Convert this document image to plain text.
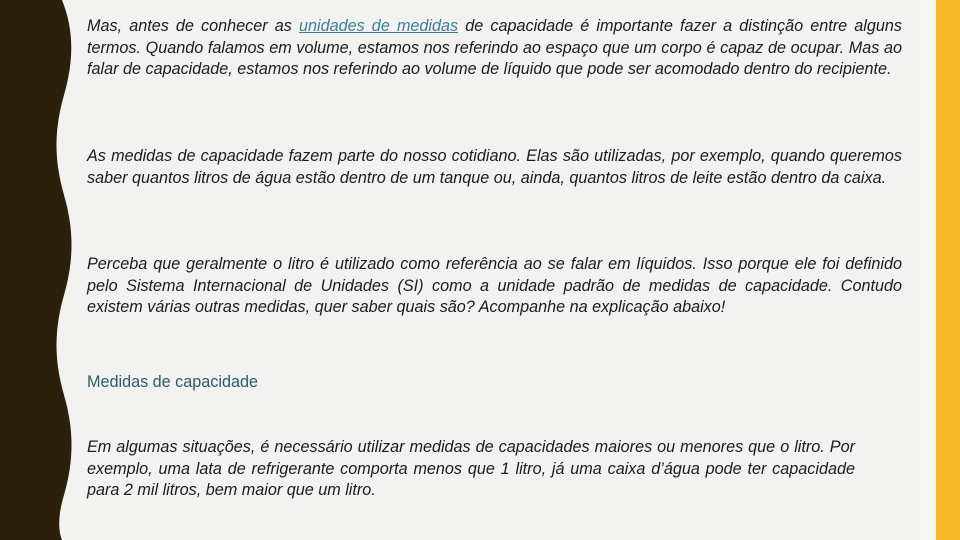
Mas, antes de conhecer as unidades de medidas de capacidade é importante fazer a distinção entre alguns termos. Quando falamos em volume, estamos nos referindo ao espaço que um corpo é capaz de ocupar. Mas ao falar de capacidade, estamos nos referindo ao volume de líquido que pode ser acomodado dentro do recipiente.

As medidas de capacidade fazem parte do nosso cotidiano. Elas são utilizadas, por exemplo, quando queremos saber quantos litros de água estão dentro de um tanque ou, ainda, quantos litros de leite estão dentro da caixa.

Perceba que geralmente o litro é utilizado como referência ao se falar em líquidos. Isso porque ele foi definido pelo Sistema Internacional de Unidades (SI) como a unidade padrão de medidas de capacidade. Contudo existem várias outras medidas, quer saber quais são? Acompanhe na explicação abaixo!

Medidas de capacidade

Em algumas situações, é necessário utilizar medidas de capacidades maiores ou menores que o litro. Por exemplo, uma lata de refrigerante comporta menos que 1 litro, já uma caixa d’água pode ter capacidade para 2 mil litros, bem maior que um litro.
